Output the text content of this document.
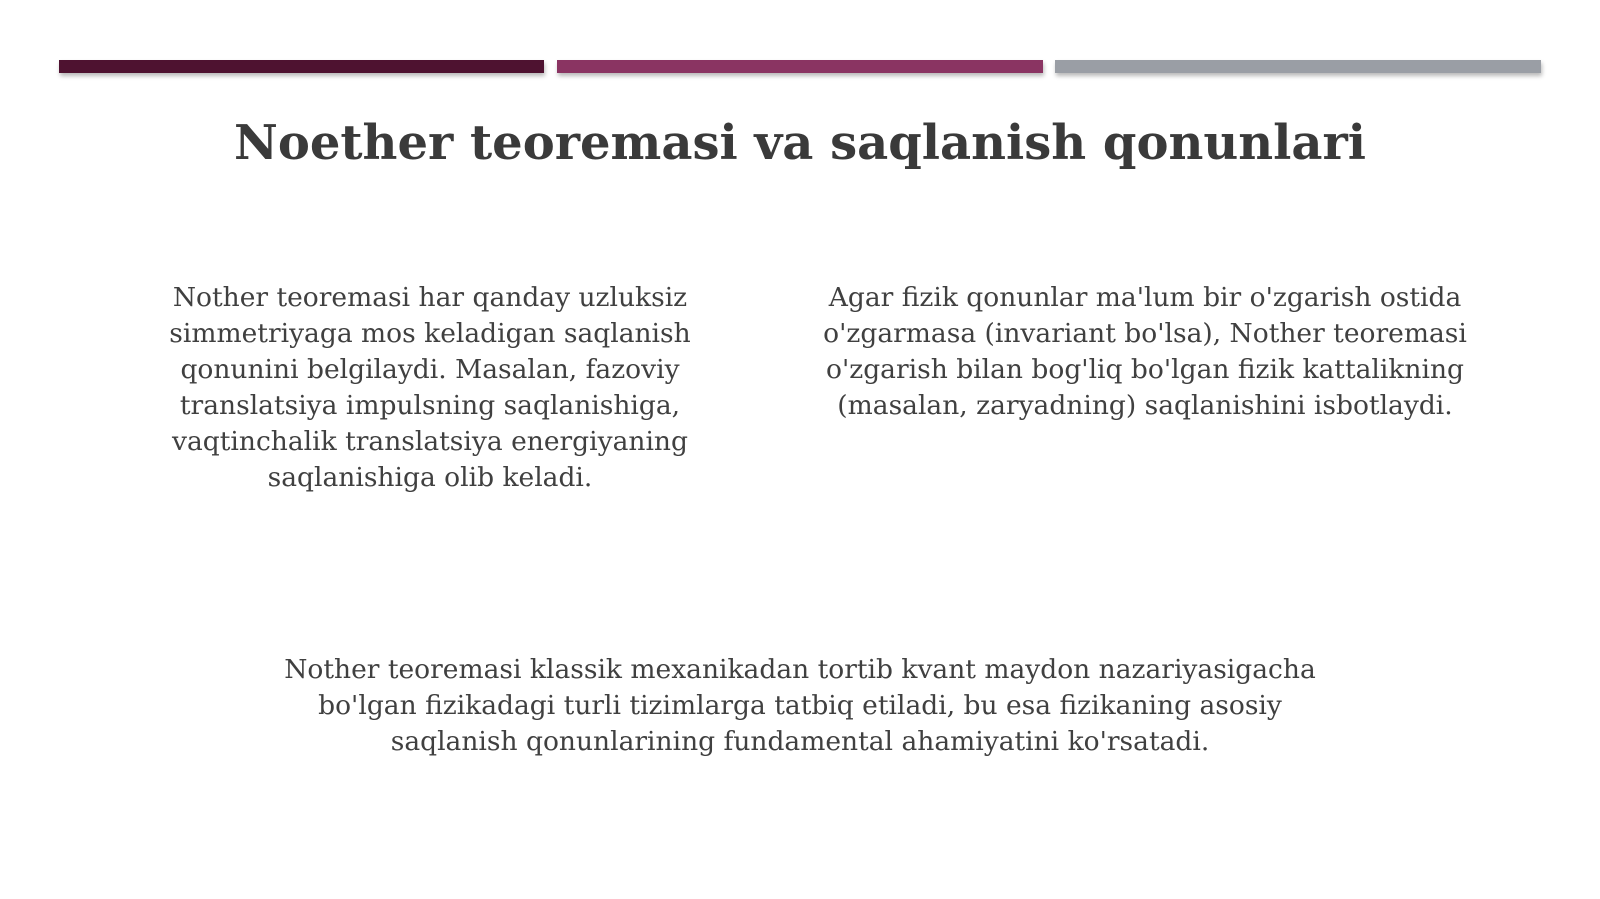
Noether teoremasi va saqlanish qonunlari

Nother teoremasi har qanday uzluksiz simmetriyaga mos keladigan saqlanish qonunini belgilaydi. Masalan, fazoviy translatsiya impulsning saqlanishiga, vaqtinchalik translatsiya energiyaning saqlanishiga olib keladi.

Agar fizik qonunlar ma'lum bir o'zgarish ostida o'zgarmasa (invariant bo'lsa), Nother teoremasi o'zgarish bilan bog'liq bo'lgan fizik kattalikning (masalan, zaryadning) saqlanishini isbotlaydi.

Nother teoremasi klassik mexanikadan tortib kvant maydon nazariyasigacha bo'lgan fizikadagi turli tizimlarga tatbiq etiladi, bu esa fizikaning asosiy saqlanish qonunlarining fundamental ahamiyatini ko'rsatadi.
